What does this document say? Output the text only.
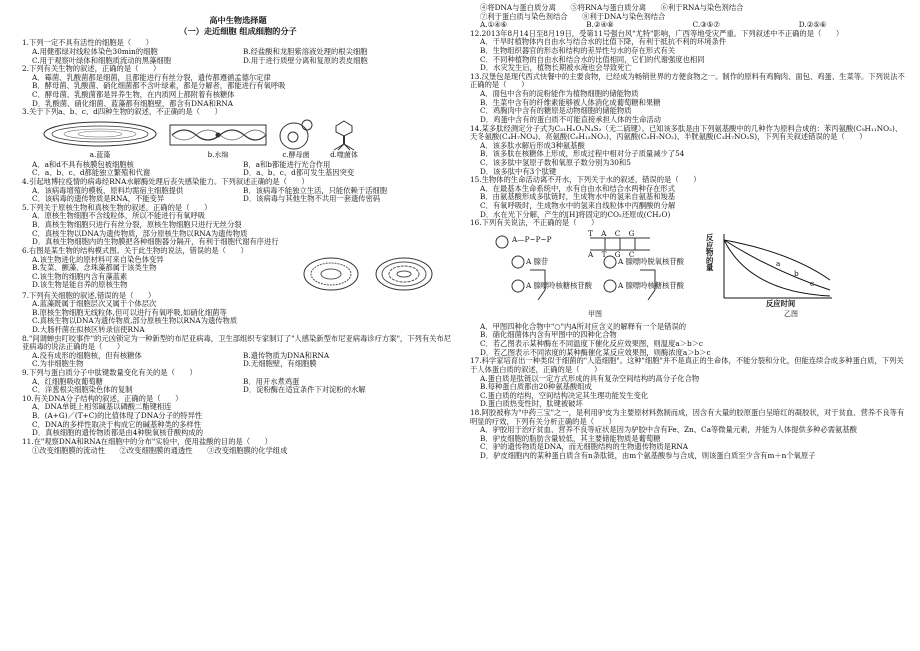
高中生物选择题
（一）走近细胞 组成细胞的分子
1.下列一定不具有活性的细胞是（　　）
A.用健那绿对线粒体染色30min的细胞	B.经盐酸和龙胆紫溶液处理的根尖细胞
C.用于观察叶绿体和细胞质流动的黑藻细胞	D.用于进行质壁分离和复原的表皮细胞
2.下列有关生物的叙述，正确的是（　　）
A．霉菌、乳酸菌都是细菌，且都能进行有丝分裂，遗传都遵循孟德尔定律
B．酵母菌、乳酸菌、硝化细菌都不含叶绿素，都是分解者，都能进行有氧呼吸
C．酵母菌、乳酸菌都是异养生物，在内质网上都附着有核糖体
D．乳酸菌、硝化细菌、蓝藻都有细胞壁，都含有DNA和RNA
3.关于下列a、b、c、d四种生物的叙述，不正确的是（　　）
a.蓝藻	b.水绵	c.酵母菌	d.噬菌体
A．a和d不具有核膜包被细胞核	B．a和b都能进行光合作用
C．a、b、c、d都能独立繁殖和代谢	D．a、b、c、d都可发生基因突变
4.引起地博拉疫情的病毒经RNA水解酶处理后丧失感染能力。下列叙述正确的是（　　）
A．该病毒增殖的模板、原料均需宿主细胞提供	B．该病毒不能独立生活，只能依赖于活细胞
C．该病毒的遗传物质是RNA，不能变异	D．该病毒与其他生物不共用一套遗传密码
5.下列关于原核生物和真核生物的叙述，正确的是（　　）
A．原核生物细胞不含线粒体，所以不能进行有氧呼吸
B．真核生物细胞只进行有丝分裂，原核生物细胞只进行无丝分裂
C．真核生物以DNA为遗传物质，部分原核生物以RNA为遗传物质
D．真核生物细胞内的生物膜把各种细胞器分隔开，有利于细胞代谢有序进行
6.右图是某生物的结构模式图。关于此生物的说法，错误的是（　　）
A.该生物进化的原材料可来自染色体变异
B.发菜、颤藻、念珠藻都属于该类生物
C.该生物的细胞内含有藻蓝素
D.该生物是能自养的原核生物
7.下列有关细胞的叙述,错误的是（　　）
A.蓝藻既属于细胞层次又属于个体层次
B.原核生物细胞无线粒体,但可以进行有氧呼吸,如硝化细菌等
C.真核生物以DNA为遗传物质,部分原核生物以RNA为遗传物质
D.大肠杆菌在拟核区转录信使RNA
8."间调蝉虫叮咬事件"的元凶锁定为一种新型的布尼亚病毒，卫生部组织专家制订了"人感染新型布尼亚病毒诊疗方案"，下列有关布尼亚病毒的说法正确的是（　　）
A.没有成形的细胞核，但有核糖体	B.遗传物质为DNA和RNA
C.为非细胞生物	D.无细胞壁，有细胞膜
9.下列与蛋白质分子中肽键数量变化有关的是（　　）
A．红细胞吸收葡萄糖	B．用开水煮鸡蛋
C．洋葱根尖细胞染色体的复制	D．淀粉酶在适宜条件下对淀粉的水解
10.有关DNA分子结构的叙述，正确的是（　　）
A．DNA单链上相邻碱基以磷酸二酯键相连
B．(A+G)／(T+C)的比值体现了DNA分子的特异性
C．DNA的多样性取决于构成它的碱基种类的多样性
D．真核细胞的遗传物质都是由4种脱氧核苷酸构成的
11.在"观察DNA和RNA在细胞中的分布"实验中，使用盐酸的目的是（　　）
①改变细胞膜的流动性　　②改变细胞膜的通透性　　③改变细胞膜的化学组成
④将DNA与蛋白质分离　　⑤将RNA与蛋白质分离　　⑥利于RNA与染色剂结合
⑦利于蛋白质与染色剂结合　　⑧利于DNA与染色剂结合
A.①④⑥	B.②④⑧	C.③⑤⑦	D.②⑤⑥
12.2013年8月14日至8月19日，受第11号强台风"尤特"影响，广西等地受灾严重。下列叙述中不正确的是（　　）
A．干旱时植物体内自由水与结合水的比值下降，有利于抵抗不利的环境条件
B．生物组织器官的形态和结构的差异性与水的存在形式有关
C．不同种植物的自由水和结合水的比值相同，它们的代谢强度也相同
D．水灾发生后，植物长期被水淹也会导致死亡
13.汉堡包是现代西式快餐中的主要食物，已经成为畅销世界的方便食物之一。制作的原料有鸡胸肉、面包、鸡蛋、生菜等。下列说法不正确的是（　　）
A．面包中含有的淀粉能作为植物细胞的储能物质
B．生菜中含有的纤维素能够被人体消化成葡萄糖和果糖
C．鸡胸肉中含有的糖原是动物细胞的储能物质
D．鸡蛋中含有的蛋白质不可能直接承担人体的生命活动
14.某多肽经测定分子式为C₂₁HₓOᵧN₄S₂（无二硫键）。已知该多肽是由下列氨基酸中的几种作为原料合成的：苯丙氨酸(C₉H₁₁NO₂)、天冬氨酸(C₄H₇NO₄)、亮氨酸(C₆H₁₃NO₂)、丙氨酸(C₃H₇NO₂)、半胱氨酸(C₃H₇NO₂S)，下列有关叙述错误的是（　　）
A．该多肽水解后形成3种氨基酸
B．该多肽在核糖体上形成，形成过程中相对分子质量减少了54
C．该多肽中氢原子数和氧原子数分别为30和5
D．该多肽中有3个肽键
15.生物体的生命活动离不开水，下列关于水的叙述，错误的是（　　）
A．在最基本生命系统中，水有自由水和结合水两种存在形式
B．由氨基酸形成多肽链时，生成物水中的氢来自氨基和羧基
C．有氧呼吸时，生成物水中的氢来自线粒体中丙酮酸的分解
D．水在光下分解，产生的[H]将固定的CO₂还原成(CH₂O)
16.下列有关说法，不正确的是（　　）
A—P~P~P
T A C G
A T G C
A 腺苷	A 腺嘌呤脱氧核苷酸
A 腺嘌呤核糖核苷酸	A 腺嘌呤核糖核苷酸
甲图
反应物的量
a
b
c
反应时间
乙图
A．甲图四种化合物中"○"内A所对应含义的解释有一个是错误的
B．硝化细菌体内含有甲图中的四种化合物
C．若乙图表示某种酶在不同温度下催化反应效果图，则温度a＞b＞c
D．若乙图表示不同浓度的某种酶催化某反应效果图，则酶浓度a＞b＞c
17.科学家培育出一种类似于细菌的"人造细胞"。这种"细胞"并不是真正的生命体，不能分裂和分化，但能连续合成多种蛋白质，下列关于人体蛋白质的叙述，正确的是（　　）
A.蛋白质是肽链以一定方式形成的具有复杂空间结构的高分子化合物
B.每种蛋白质都由20种氨基酸组成
C.蛋白质的结构，空间结构决定其生理功能发生变化
D.蛋白质热变性时，肽键被破坏
18.阿胶被称为"中药三宝"之一，是利用驴皮为主要原材料熬制而成，因含有大量的胶原蛋白呈暗红的凝胶状，对于贫血、营养不良等有明显的疗效，下列有关分析正确的是（　　）
A．驴胶用于治疗贫血、营养不良等症状是因为驴胶中含有Fe、Zn、Ca等微量元素，并能为人体提供多种必需氨基酸
B．驴皮细胞的脂肪含量较低，其主要储能物质是葡萄糖
C．驴的遗传物质是DNA，而无细胞结构的生物遗传物质是RNA
D．驴皮细胞内的某种蛋白质含有n条肽链，由m个氨基酸参与合成，则该蛋白质至少含有m＋n个氧原子
